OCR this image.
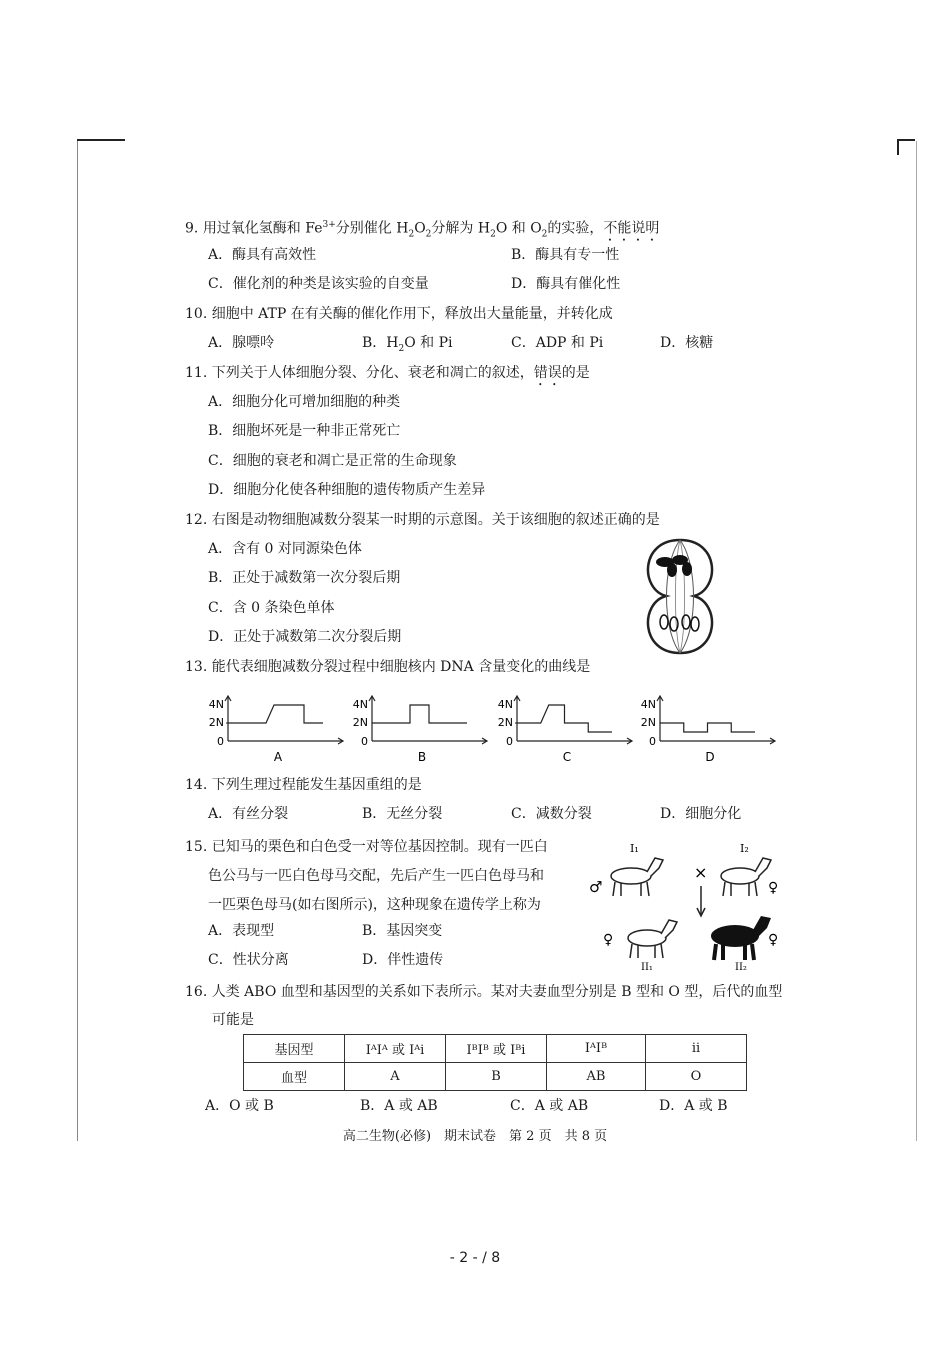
9. 用过氧化氢酶和 $Fe^{3+}$分别催化 $H_2O_2$分解为 $H_2O$ 和 $O_2$的实验，不能说明
A．酶具有高效性	B．酶具有专一性
C．催化剂的种类是该实验的自变量	D．酶具有催化性
10. 细胞中 ATP 在有关酶的催化作用下，释放出大量能量，并转化成
A．腺嘌呤	B．$H_2O$ 和 Pi	C．ADP 和 Pi	D．核糖
11. 下列关于人体细胞分裂、分化、衰老和凋亡的叙述，错误的是
A．细胞分化可增加细胞的种类
B．细胞坏死是一种非正常死亡
C．细胞的衰老和凋亡是正常的生命现象
D．细胞分化使各种细胞的遗传物质产生差异
12. 右图是动物细胞减数分裂某一时期的示意图。关于该细胞的叙述正确的是
A．含有 0 对同源染色体
B．正处于减数第一次分裂后期
C．含 0 条染色单体
D．正处于减数第二次分裂后期
13. 能代表细胞减数分裂过程中细胞核内 DNA 含量变化的曲线是
4N
2N
0
A
4N
2N
0
B
4N
2N
0
C
4N
2N
0
D
14. 下列生理过程能发生基因重组的是
A．有丝分裂	B．无丝分裂	C．减数分裂	D．细胞分化
15. 已知马的栗色和白色受一对等位基因控制。现有一匹白
色公马与一匹白色母马交配，先后产生一匹白色母马和
一匹栗色母马(如右图所示)，这种现象在遗传学上称为
A．表现型	B．基因突变
C．性状分离	D．伴性遗传
I₁	I₂
♂	♀
×
♀
II₁
♀
II₂
16. 人类 ABO 血型和基因型的关系如下表所示。某对夫妻血型分别是 B 型和 O 型，后代的血型
可能是
基因型	IᴬIᴬ 或 Iᴬi	IᴮIᴮ 或 Iᴮi	IᴬIᴮ	ii
血型	A	B	AB	O
A．O 或 B	B．A 或 AB	C．A 或 AB	D．A 或 B
高二生物(必修)　期末试卷　第 2 页　共 8 页
- 2 - / 8
